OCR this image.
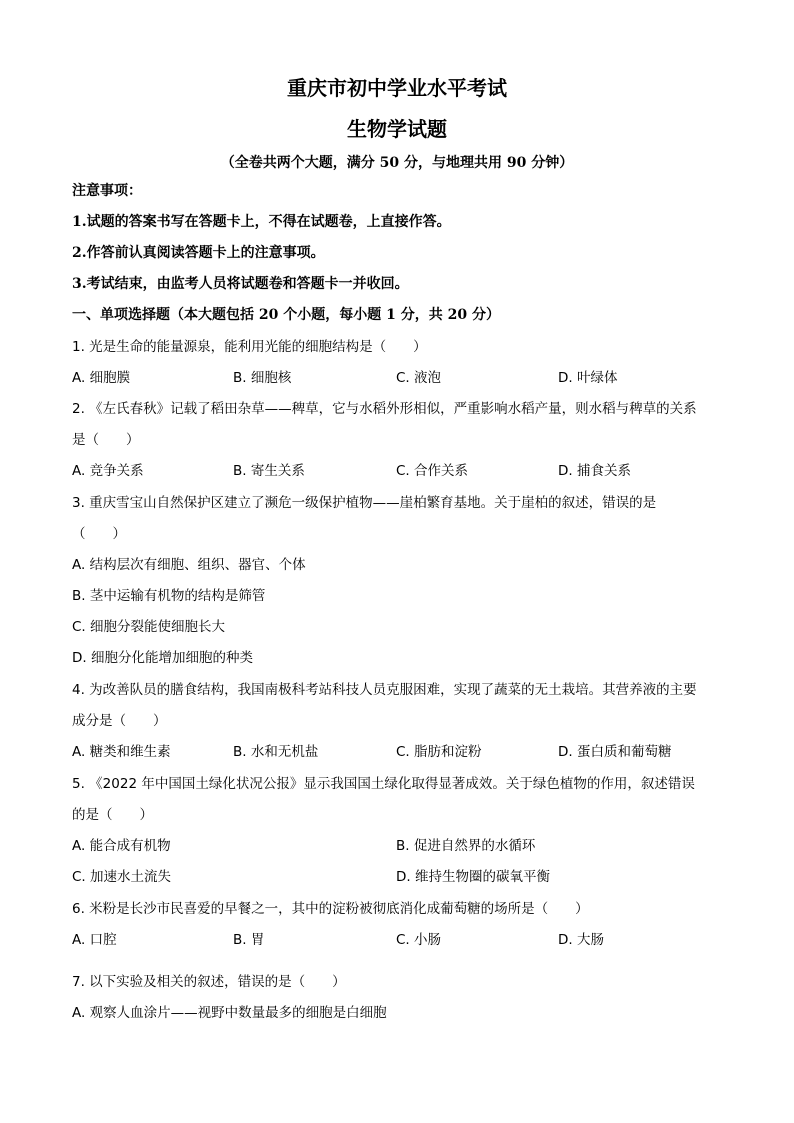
重庆市初中学业水平考试
生物学试题
（全卷共两个大题，满分 50 分，与地理共用 90 分钟）
注意事项：
1.试题的答案书写在答题卡上，不得在试题卷，上直接作答。
2.作答前认真阅读答题卡上的注意事项。
3.考试结束，由监考人员将试题卷和答题卡一并收回。
一、单项选择题（本大题包括 20 个小题，每小题 1 分，共 20 分）
1. 光是生命的能量源泉，能利用光能的细胞结构是（　　）
A. 细胞膜	B. 细胞核	C. 液泡	D. 叶绿体
2. 《左氏春秋》记载了稻田杂草——稗草，它与水稻外形相似，严重影响水稻产量，则水稻与稗草的关系
是（　　）
A. 竞争关系	B. 寄生关系	C. 合作关系	D. 捕食关系
3. 重庆雪宝山自然保护区建立了濒危一级保护植物——崖柏繁育基地。关于崖柏的叙述，错误的是
（　　）
A. 结构层次有细胞、组织、器官、个体
B. 茎中运输有机物的结构是筛管
C. 细胞分裂能使细胞长大
D. 细胞分化能增加细胞的种类
4. 为改善队员的膳食结构，我国南极科考站科技人员克服困难，实现了蔬菜的无土栽培。其营养液的主要
成分是（　　）
A. 糖类和维生素	B. 水和无机盐	C. 脂肪和淀粉	D. 蛋白质和葡萄糖
5. 《2022 年中国国土绿化状况公报》显示我国国土绿化取得显著成效。关于绿色植物的作用，叙述错误
的是（　　）
A. 能合成有机物	B. 促进自然界的水循环
C. 加速水土流失	D. 维持生物圈的碳氧平衡
6. 米粉是长沙市民喜爱的早餐之一，其中的淀粉被彻底消化成葡萄糖的场所是（　　）
A. 口腔	B. 胃	C. 小肠	D. 大肠
7. 以下实验及相关的叙述，错误的是（　　）
A. 观察人血涂片——视野中数量最多的细胞是白细胞
